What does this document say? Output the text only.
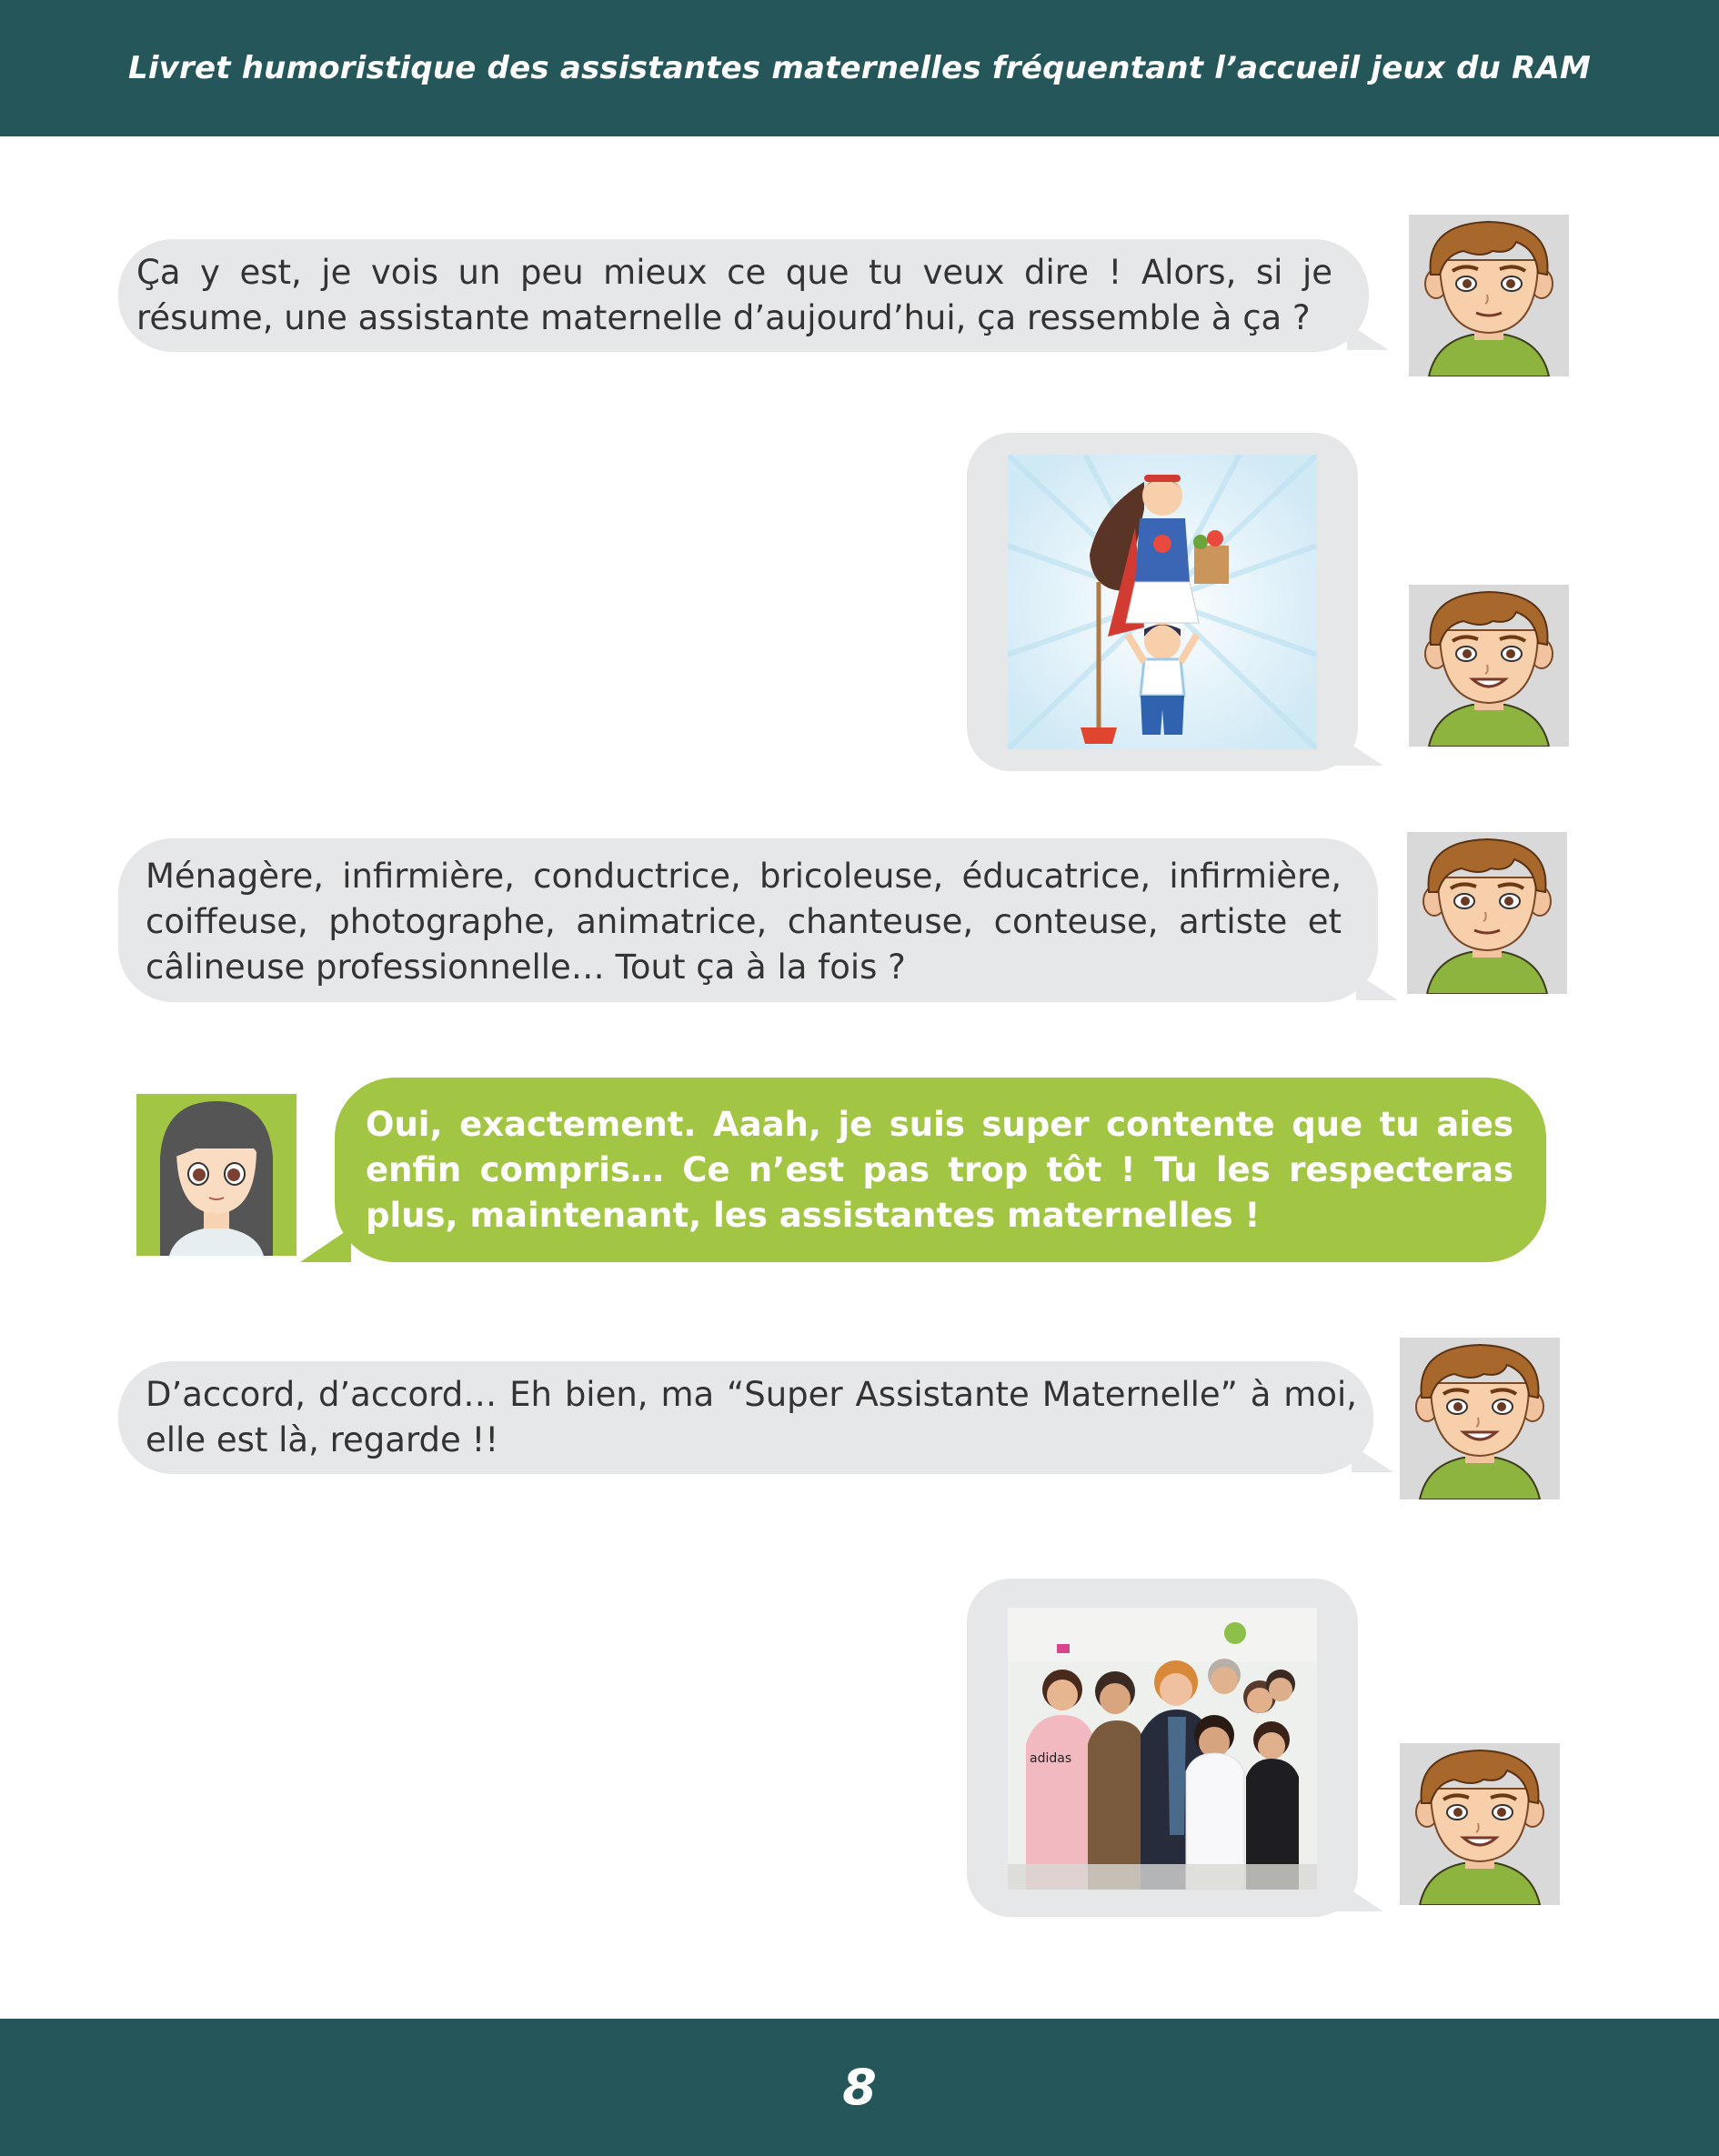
Livret humoristique des assistantes maternelles fréquentant l’accueil jeux du RAM
Ça y est, je vois un peu mieux ce que tu veux dire ! Alors, si je résume, une assistante maternelle d’aujourd’hui, ça ressemble à ça ?
Ménagère, infirmière, conductrice, bricoleuse, éducatrice, infirmière, coiffeuse, photographe, animatrice, chanteuse, conteuse, artiste et câlineuse professionnelle… Tout ça à la fois ?
Oui, exactement. Aaah, je suis super contente que tu aies enfin compris… Ce n’est pas trop tôt ! Tu les respecteras plus, maintenant, les assistantes maternelles !
D’accord, d’accord… Eh bien, ma “Super Assistante Maternelle” à moi, elle est là, regarde !!
adidas
8
